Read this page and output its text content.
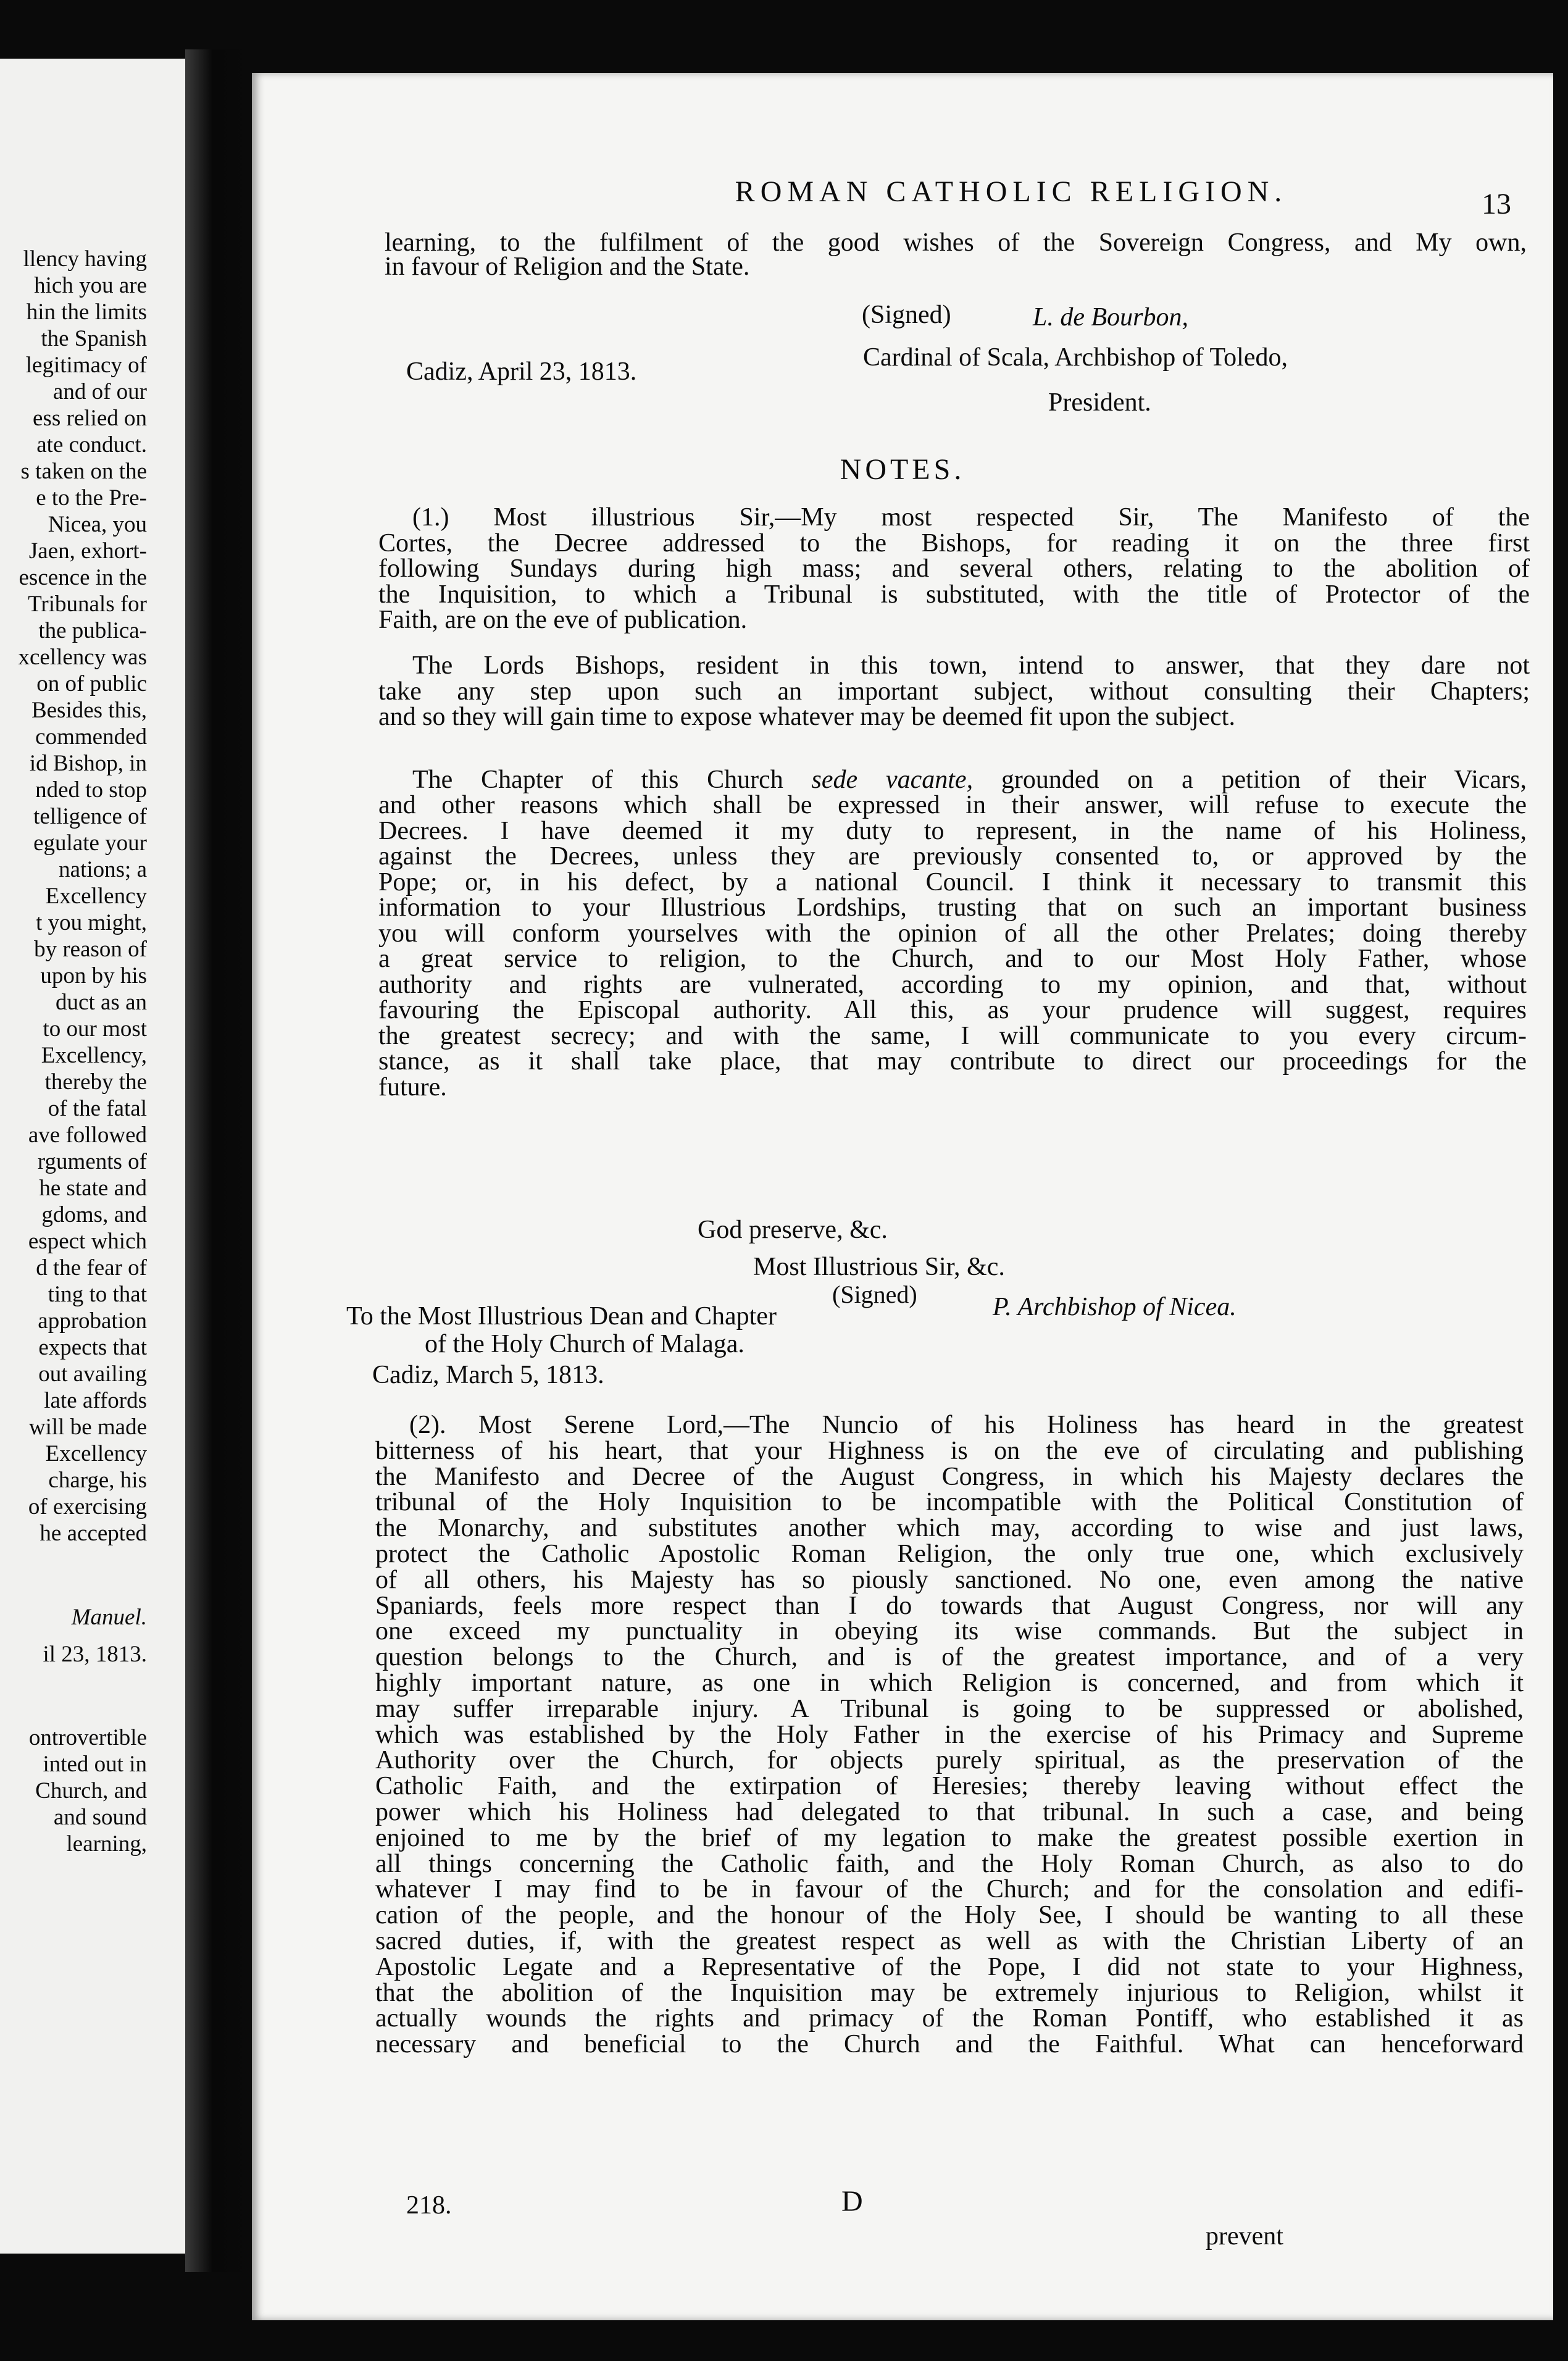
llency having
hich you are
hin the limits
the Spanish
legitimacy of
and of our
ess relied on
ate conduct.
s taken on the
e to the Pre-
Nicea, you
Jaen, exhort-
escence in the
Tribunals for
the publica-
xcellency was
on of public
Besides this,
commended
id Bishop, in
nded to stop
telligence of
egulate your
nations; a
Excellency
t you might,
by reason of
upon by his
duct as an
to our most
Excellency,
thereby the
of the fatal
ave followed
rguments of
he state and
gdoms, and
espect which
d the fear of
ting to that
approbation
expects that
out availing
late affords
will be made
Excellency
charge, his
of exercising
he accepted
Manuel.
il 23, 1813.
ontrovertible
inted out in
Church, and
and sound
learning,
ROMAN CATHOLIC RELIGION.	13
learning, to the fulfilment of the good wishes of the Sovereign Congress, and My own,
in favour of Religion and the State.
(Signed)	L. de Bourbon,
Cardinal of Scala, Archbishop of Toledo,
Cadiz, April 23, 1813.
President.
NOTES.
(1.) Most illustrious Sir,—My most respected Sir, The Manifesto of the
Cortes, the Decree addressed to the Bishops, for reading it on the three first
following Sundays during high mass; and several others, relating to the abolition of
the Inquisition, to which a Tribunal is substituted, with the title of Protector of the
Faith, are on the eve of publication.
The Lords Bishops, resident in this town, intend to answer, that they dare not
take any step upon such an important subject, without consulting their Chapters;
and so they will gain time to expose whatever may be deemed fit upon the subject.
The Chapter of this Church sede vacante, grounded on a petition of their Vicars,
and other reasons which shall be expressed in their answer, will refuse to execute the
Decrees. I have deemed it my duty to represent, in the name of his Holiness,
against the Decrees, unless they are previously consented to, or approved by the
Pope; or, in his defect, by a national Council. I think it necessary to transmit this
information to your Illustrious Lordships, trusting that on such an important business
you will conform yourselves with the opinion of all the other Prelates; doing thereby
a great service to religion, to the Church, and to our Most Holy Father, whose
authority and rights are vulnerated, according to my opinion, and that, without
favouring the Episcopal authority. All this, as your prudence will suggest, requires
the greatest secrecy; and with the same, I will communicate to you every circum-
stance, as it shall take place, that may contribute to direct our proceedings for the
future.
God preserve, &c.
Most Illustrious Sir, &c.
(Signed)
To the Most Illustrious Dean and Chapter	P. Archbishop of Nicea.
of the Holy Church of Malaga.
Cadiz, March 5, 1813.
(2). Most Serene Lord,—The Nuncio of his Holiness has heard in the greatest
bitterness of his heart, that your Highness is on the eve of circulating and publishing
the Manifesto and Decree of the August Congress, in which his Majesty declares the
tribunal of the Holy Inquisition to be incompatible with the Political Constitution of
the Monarchy, and substitutes another which may, according to wise and just laws,
protect the Catholic Apostolic Roman Religion, the only true one, which exclusively
of all others, his Majesty has so piously sanctioned. No one, even among the native
Spaniards, feels more respect than I do towards that August Congress, nor will any
one exceed my punctuality in obeying its wise commands. But the subject in
question belongs to the Church, and is of the greatest importance, and of a very
highly important nature, as one in which Religion is concerned, and from which it
may suffer irreparable injury. A Tribunal is going to be suppressed or abolished,
which was established by the Holy Father in the exercise of his Primacy and Supreme
Authority over the Church, for objects purely spiritual, as the preservation of the
Catholic Faith, and the extirpation of Heresies; thereby leaving without effect the
power which his Holiness had delegated to that tribunal. In such a case, and being
enjoined to me by the brief of my legation to make the greatest possible exertion in
all things concerning the Catholic faith, and the Holy Roman Church, as also to do
whatever I may find to be in favour of the Church; and for the consolation and edifi-
cation of the people, and the honour of the Holy See, I should be wanting to all these
sacred duties, if, with the greatest respect as well as with the Christian Liberty of an
Apostolic Legate and a Representative of the Pope, I did not state to your Highness,
that the abolition of the Inquisition may be extremely injurious to Religion, whilst it
actually wounds the rights and primacy of the Roman Pontiff, who established it as
necessary and beneficial to the Church and the Faithful. What can henceforward
218.	D
prevent
